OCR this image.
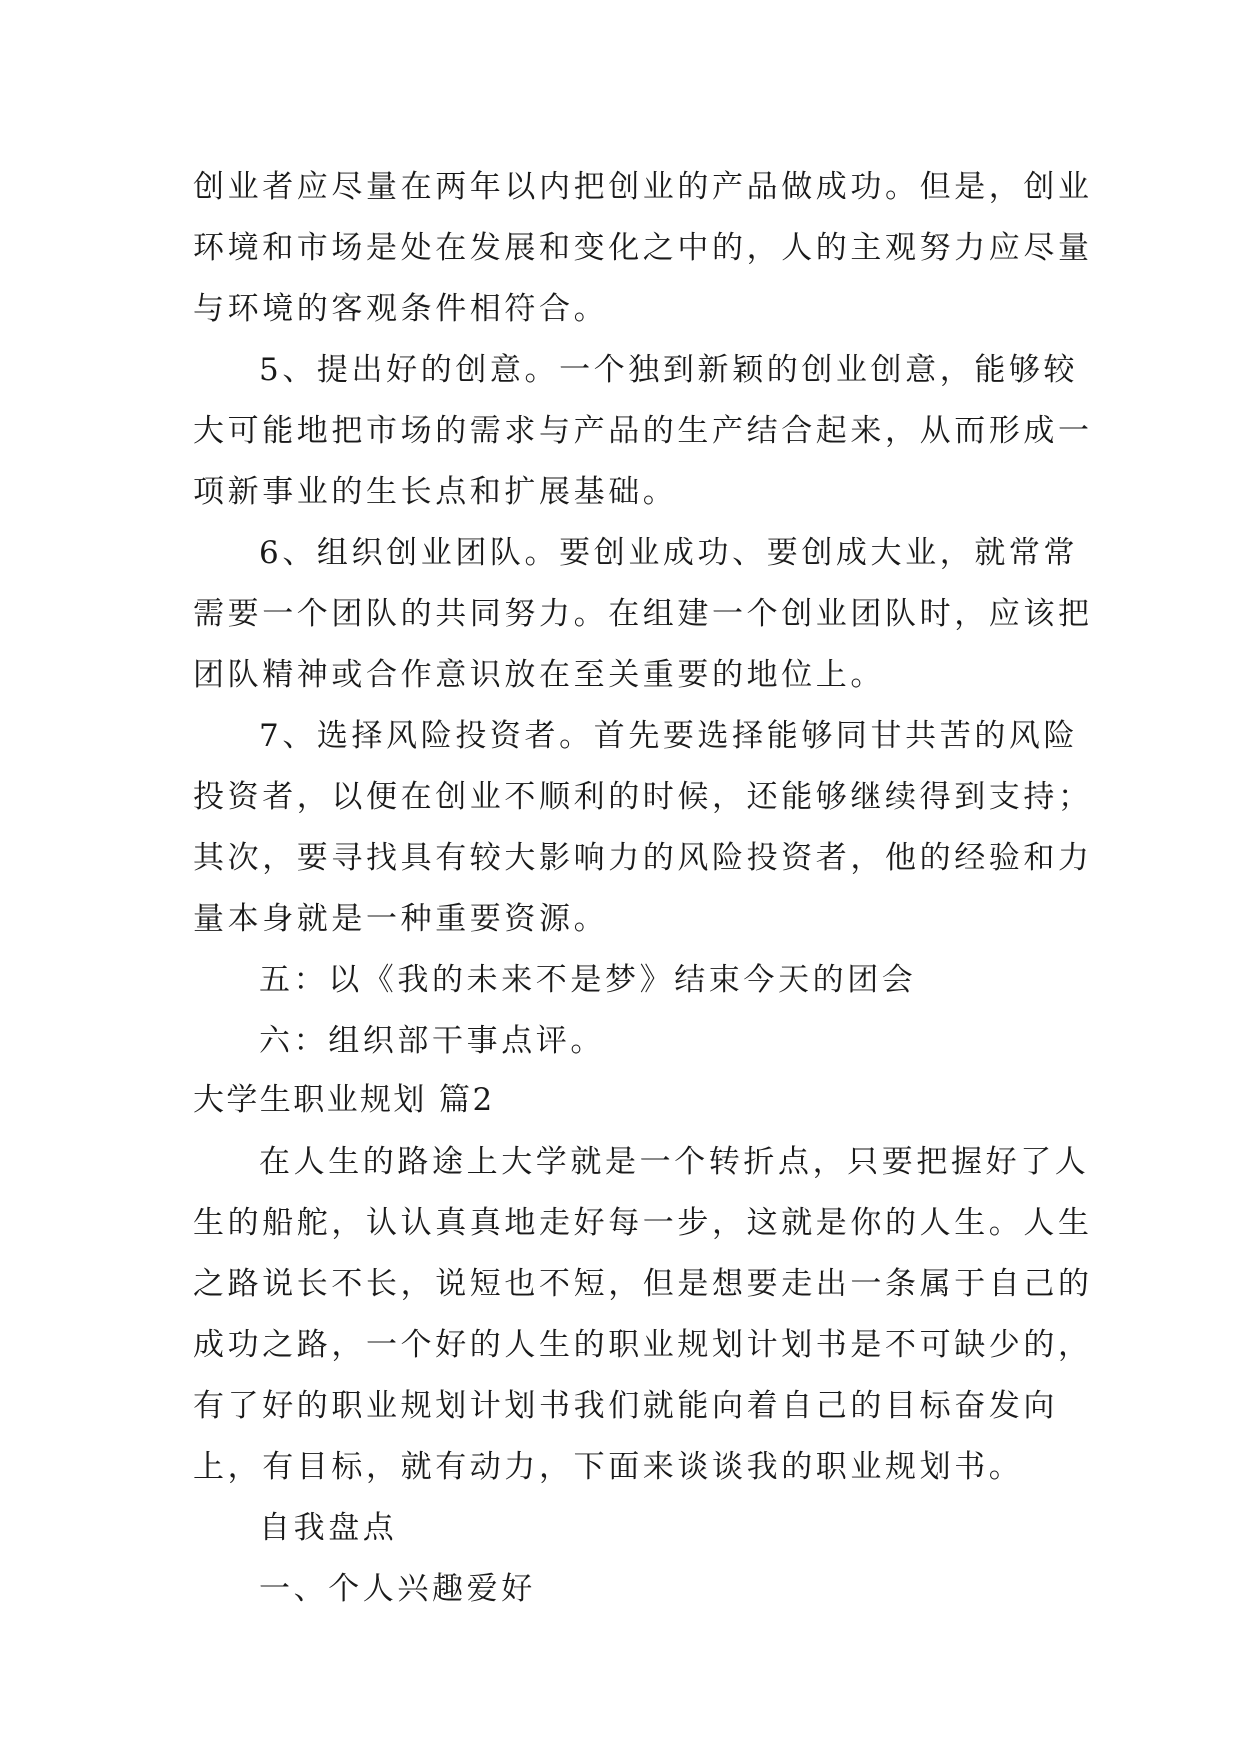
创业者应尽量在两年以内把创业的产品做成功。但是，创业
环境和市场是处在发展和变化之中的，人的主观努力应尽量
与环境的客观条件相符合。
5、提出好的创意。一个独到新颖的创业创意，能够较
大可能地把市场的需求与产品的生产结合起来，从而形成一
项新事业的生长点和扩展基础。
6、组织创业团队。要创业成功、要创成大业，就常常
需要一个团队的共同努力。在组建一个创业团队时，应该把
团队精神或合作意识放在至关重要的地位上。
7、选择风险投资者。首先要选择能够同甘共苦的风险
投资者，以便在创业不顺利的时候，还能够继续得到支持；
其次，要寻找具有较大影响力的风险投资者，他的经验和力
量本身就是一种重要资源。
五：以《我的未来不是梦》结束今天的团会
六：组织部干事点评。
大学生职业规划 篇2
在人生的路途上大学就是一个转折点，只要把握好了人
生的船舵，认认真真地走好每一步，这就是你的人生。人生
之路说长不长，说短也不短，但是想要走出一条属于自己的
成功之路，一个好的人生的职业规划计划书是不可缺少的，
有了好的职业规划计划书我们就能向着自己的目标奋发向
上，有目标，就有动力，下面来谈谈我的职业规划书。
自我盘点
一、个人兴趣爱好
